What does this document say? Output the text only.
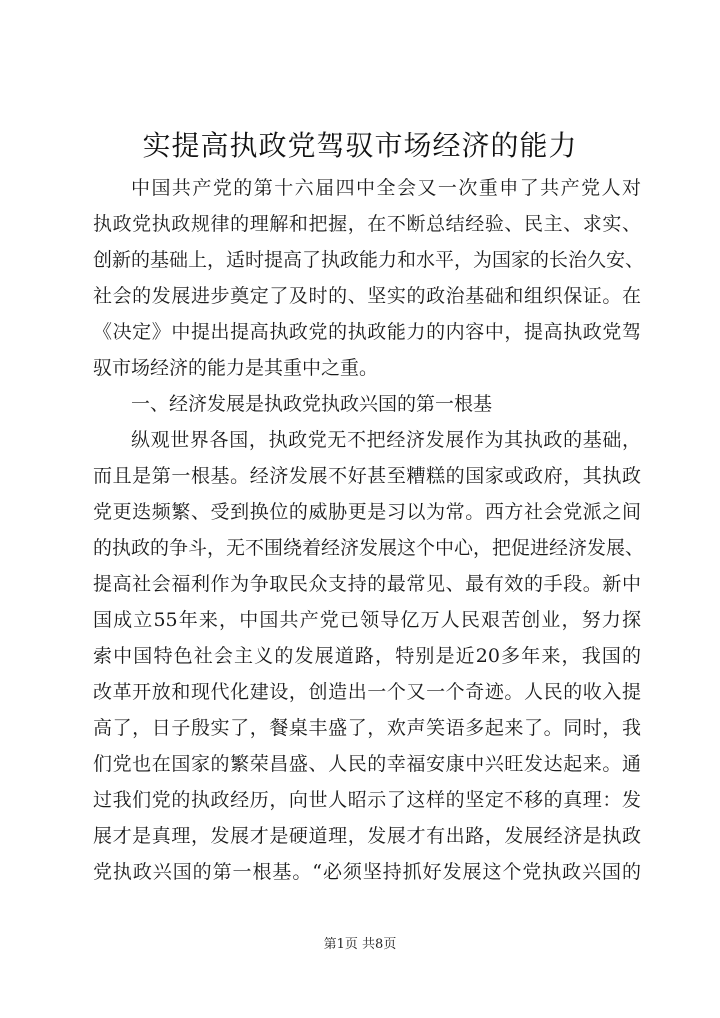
实提高执政党驾驭市场经济的能力
中国共产党的第十六届四中全会又一次重申了共产党人对
执政党执政规律的理解和把握，在不断总结经验、民主、求实、
创新的基础上，适时提高了执政能力和水平，为国家的长治久安、
社会的发展进步奠定了及时的、坚实的政治基础和组织保证。在
《决定》中提出提高执政党的执政能力的内容中，提高执政党驾
驭市场经济的能力是其重中之重。
一、经济发展是执政党执政兴国的第一根基
纵观世界各国，执政党无不把经济发展作为其执政的基础，
而且是第一根基。经济发展不好甚至糟糕的国家或政府，其执政
党更迭频繁、受到换位的威胁更是习以为常。西方社会党派之间
的执政的争斗，无不围绕着经济发展这个中心，把促进经济发展、
提高社会福利作为争取民众支持的最常见、最有效的手段。新中
国成立55年来，中国共产党已领导亿万人民艰苦创业，努力探
索中国特色社会主义的发展道路，特别是近20多年来，我国的
改革开放和现代化建设，创造出一个又一个奇迹。人民的收入提
高了，日子殷实了，餐桌丰盛了，欢声笑语多起来了。同时，我
们党也在国家的繁荣昌盛、人民的幸福安康中兴旺发达起来。通
过我们党的执政经历，向世人昭示了这样的坚定不移的真理：发
展才是真理，发展才是硬道理，发展才有出路，发展经济是执政
党执政兴国的第一根基。“必须坚持抓好发展这个党执政兴国的
第1页 共8页
